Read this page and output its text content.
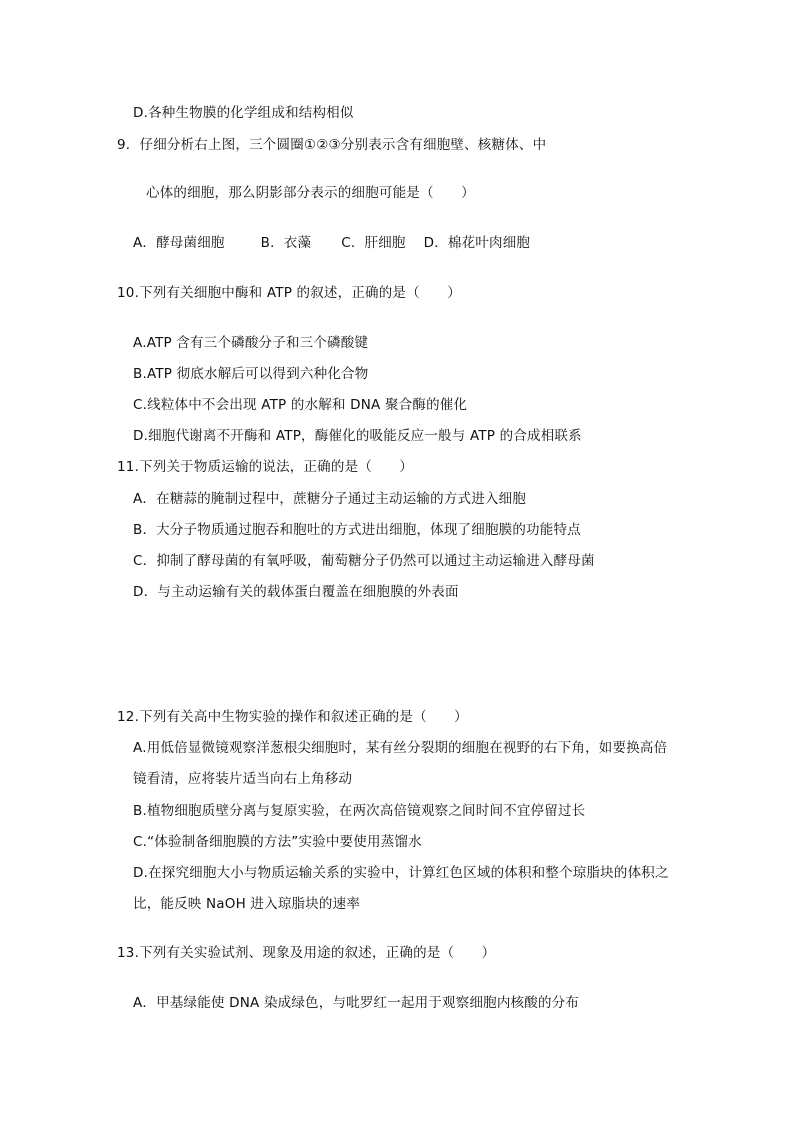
D.各种生物膜的化学组成和结构相似
9．仔细分析右上图，三个圆圈①②③分别表示含有细胞壁、核糖体、中
心体的细胞，那么阴影部分表示的细胞可能是（　　）
A．酵母菌细胞	B．衣藻 C．肝细胞 D．棉花叶肉细胞
10.下列有关细胞中酶和 ATP 的叙述，正确的是（　　）
A.ATP 含有三个磷酸分子和三个磷酸键
B.ATP 彻底水解后可以得到六种化合物
C.线粒体中不会出现 ATP 的水解和 DNA 聚合酶的催化
D.细胞代谢离不开酶和 ATP，酶催化的吸能反应一般与 ATP 的合成相联系
11.下列关于物质运输的说法，正确的是（　　）
A．在糖蒜的腌制过程中，蔗糖分子通过主动运输的方式进入细胞
B．大分子物质通过胞吞和胞吐的方式进出细胞，体现了细胞膜的功能特点
C．抑制了酵母菌的有氧呼吸，葡萄糖分子仍然可以通过主动运输进入酵母菌
D．与主动运输有关的载体蛋白覆盖在细胞膜的外表面
12.下列有关高中生物实验的操作和叙述正确的是（　　）
A.用低倍显微镜观察洋葱根尖细胞时，某有丝分裂期的细胞在视野的右下角，如要换高倍
镜看清，应将装片适当向右上角移动
B.植物细胞质壁分离与复原实验，在两次高倍镜观察之间时间不宜停留过长
C.“体验制备细胞膜的方法”实验中要使用蒸馏水
D.在探究细胞大小与物质运输关系的实验中，计算红色区域的体积和整个琼脂块的体积之
比，能反映 NaOH 进入琼脂块的速率
13.下列有关实验试剂、现象及用途的叙述，正确的是（　　）
A．甲基绿能使 DNA 染成绿色，与吡罗红一起用于观察细胞内核酸的分布
